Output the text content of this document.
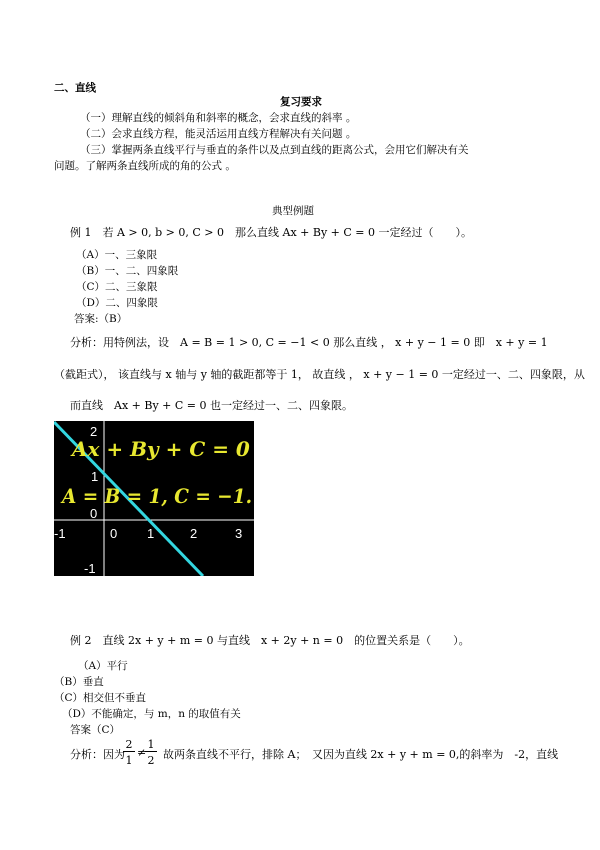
二、直线
复习要求
（一）理解直线的倾斜角和斜率的概念，会求直线的斜率 。
（二）会求直线方程，能灵活运用直线方程解决有关问题 。
（三）掌握两条直线平行与垂直的条件以及点到直线的距离公式，会用它们解决有关
问题。了解两条直线所成的角的公式 。
典型例题
例 1　若 A > 0, b > 0, C > 0　那么直线 Ax + By + C = 0 一定经过（　　）。
（A）一、三象限
（B）一、二、四象限
（C）二、三象限
（D）二、四象限
答案:（B）
分析：用特例法，设　A = B = 1 > 0, C = −1 < 0 那么直线 ， x + y − 1 = 0 即　x + y = 1
（截距式）， 该直线与 x 轴与 y 轴的截距都等于 1， 故直线 ， x + y − 1 = 0 一定经过一、二、四象限，从
而直线　Ax + By + C = 0 也一定经过一、二、四象限。
2
1
0
-1
-1	0 1	2	3
Ax + By + C = 0
A = B = 1, C = −1.
例 2　直线 2x + y + m = 0 与直线　x + 2y + n = 0　的位置关系是（　　）。
（A）平行
（B）垂直
（C）相交但不垂直
（D）不能确定，与 m，n 的取值有关
答案（C）
分析：因为
2
1
≠
1
2 故两条直线不平行，排除 A；　又因为直线 2x + y + m = 0,的斜率为　-2，直线
